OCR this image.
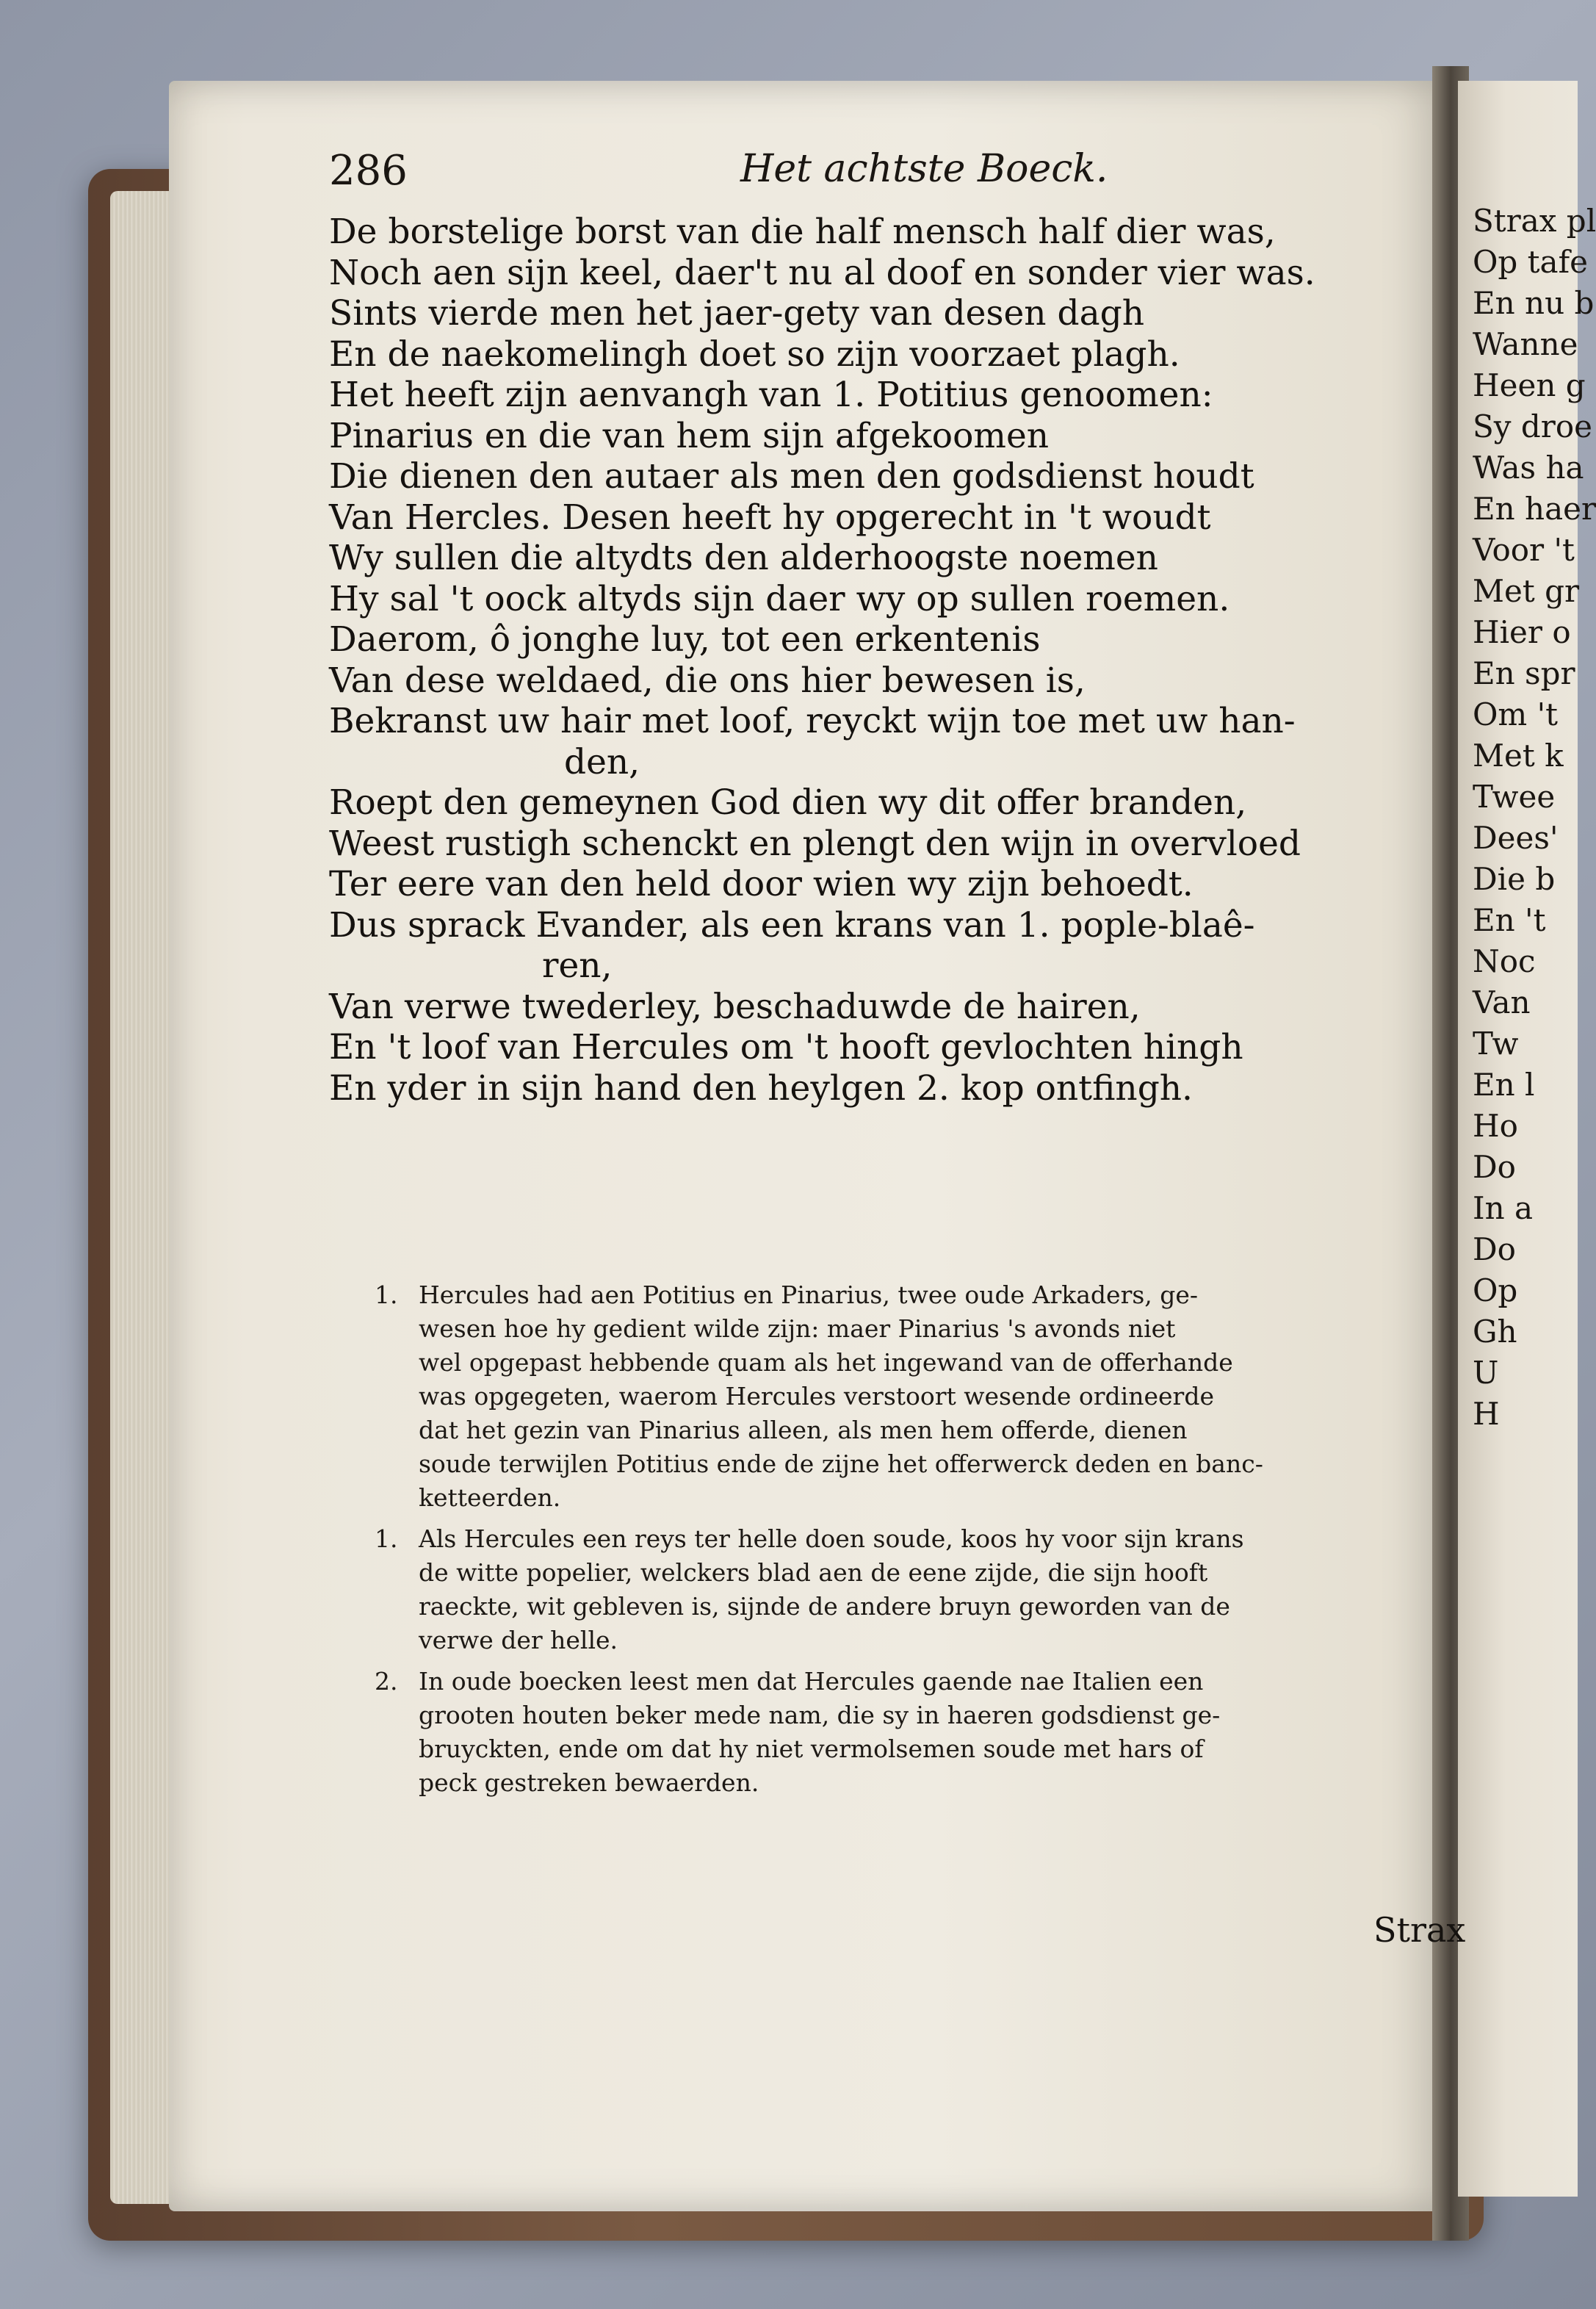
Strax pl
Op tafe
En nu b
Wanne
Heen g
Sy droe
Was ha
En haer
Voor 't
Met gr
Hier o
En spr
Om 't
Met k
Twee
Dees'
Die b
En 't
Noc
Van
Tw
En l
Ho
Do
In a
Do
Op
Gh
U
H
286	Het achtste Boeck.
De borstelige borst van die half mensch half dier was,
Noch aen sijn keel, daer't nu al doof en sonder vier was.
Sints vierde men het jaer-gety van desen dagh
En de naekomelingh doet so zijn voorzaet plagh.
Het heeft zijn aenvangh van 1. Potitius genoomen:
Pinarius en die van hem sijn afgekoomen
Die dienen den autaer als men den godsdienst houdt
Van Hercles. Desen heeft hy opgerecht in 't woudt
Wy sullen die altydts den alderhoogste noemen
Hy sal 't oock altyds sijn daer wy op sullen roemen.
Daerom, ô jonghe luy, tot een erkentenis
Van dese weldaed, die ons hier bewesen is,
Bekranst uw hair met loof, reyckt wijn toe met uw han-
den,
Roept den gemeynen God dien wy dit offer branden,
Weest rustigh schenckt en plengt den wijn in overvloed
Ter eere van den held door wien wy zijn behoedt.
Dus sprack Evander, als een krans van 1. pople-blaê-
ren,
Van verwe twederley, beschaduwde de hairen,
En 't loof van Hercules om 't hooft gevlochten hingh
En yder in sijn hand den heylgen 2. kop ontfingh.
1. Hercules had aen Potitius en Pinarius, twee oude Arkaders, ge-
wesen hoe hy gedient wilde zijn: maer Pinarius 's avonds niet
wel opgepast hebbende quam als het ingewand van de offerhande
was opgegeten, waerom Hercules verstoort wesende ordineerde
dat het gezin van Pinarius alleen, als men hem offerde, dienen
soude terwijlen Potitius ende de zijne het offerwerck deden en banc-
ketteerden.
1. Als Hercules een reys ter helle doen soude, koos hy voor sijn krans
de witte popelier, welckers blad aen de eene zijde, die sijn hooft
raeckte, wit gebleven is, sijnde de andere bruyn geworden van de
verwe der helle.
2. In oude boecken leest men dat Hercules gaende nae Italien een
grooten houten beker mede nam, die sy in haeren godsdienst ge-
bruyckten, ende om dat hy niet vermolsemen soude met hars of
peck gestreken bewaerden.
Strax
